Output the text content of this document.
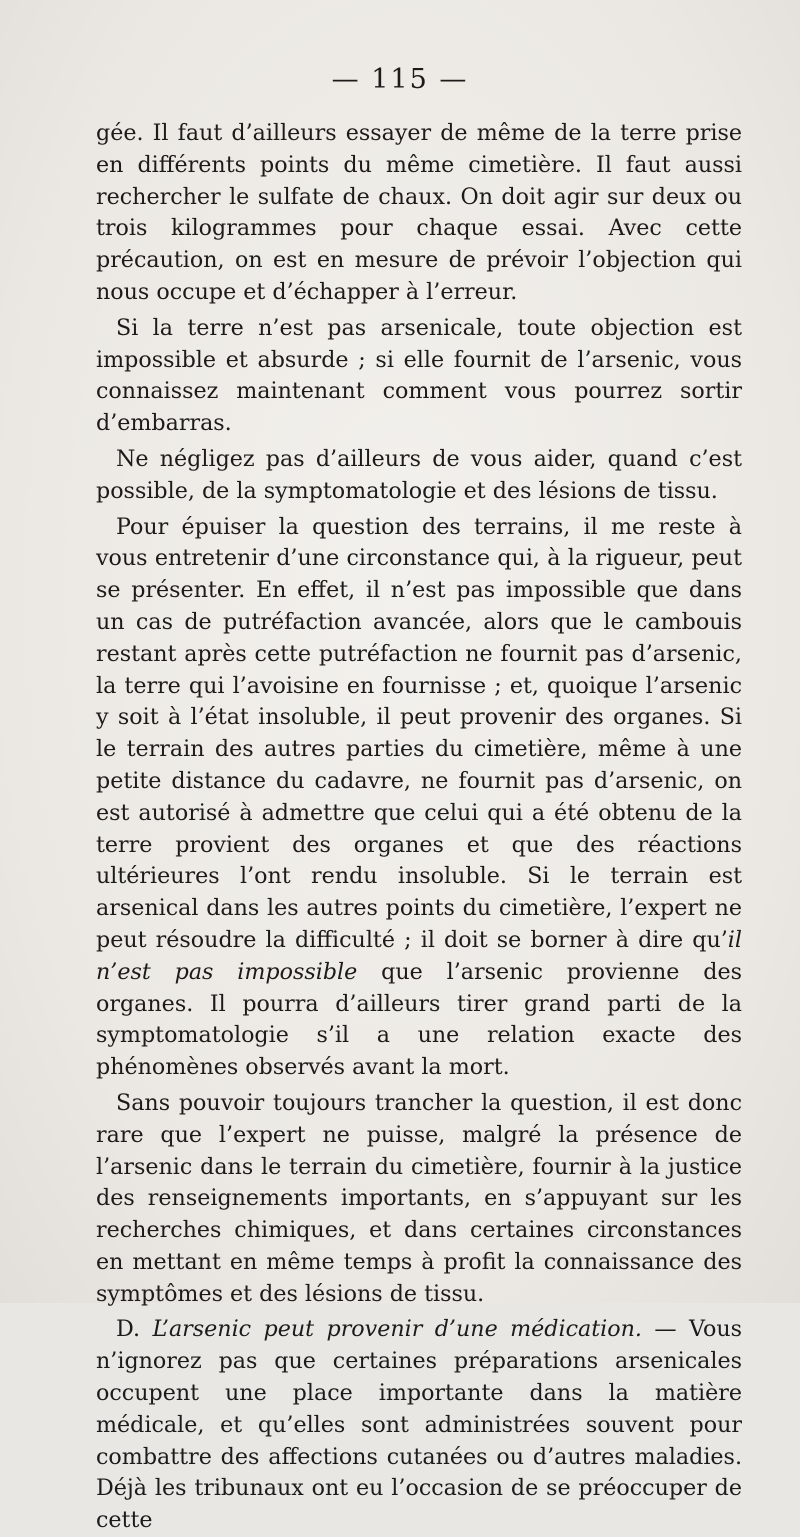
— 115 —

gée. Il faut d’ailleurs essayer de même de la terre prise en différents points du même cimetière. Il faut aussi rechercher le sulfate de chaux. On doit agir sur deux ou trois kilogrammes pour chaque essai. Avec cette précaution, on est en mesure de prévoir l’objection qui nous occupe et d’échapper à l’erreur.

Si la terre n’est pas arsenicale, toute objection est impossible et absurde ; si elle fournit de l’arsenic, vous connaissez maintenant comment vous pourrez sortir d’embarras.

Ne négligez pas d’ailleurs de vous aider, quand c’est possible, de la symptomatologie et des lésions de tissu.

Pour épuiser la question des terrains, il me reste à vous entretenir d’une circonstance qui, à la rigueur, peut se présenter. En effet, il n’est pas impossible que dans un cas de putréfaction avancée, alors que le cambouis restant après cette putréfaction ne fournit pas d’arsenic, la terre qui l’avoisine en fournisse ; et, quoique l’arsenic y soit à l’état insoluble, il peut provenir des organes. Si le terrain des autres parties du cimetière, même à une petite distance du cadavre, ne fournit pas d’arsenic, on est autorisé à admettre que celui qui a été obtenu de la terre provient des organes et que des réactions ultérieures l’ont rendu insoluble. Si le terrain est arsenical dans les autres points du cimetière, l’expert ne peut résoudre la difficulté ; il doit se borner à dire qu’il n’est pas impossible que l’arsenic provienne des organes. Il pourra d’ailleurs tirer grand parti de la symptomatologie s’il a une relation exacte des phénomènes observés avant la mort.

Sans pouvoir toujours trancher la question, il est donc rare que l’expert ne puisse, malgré la présence de l’arsenic dans le terrain du cimetière, fournir à la justice des renseignements importants, en s’appuyant sur les recherches chimiques, et dans certaines circonstances en mettant en même temps à profit la connaissance des symptômes et des lésions de tissu.

D. L’arsenic peut provenir d’une médication. — Vous n’ignorez pas que certaines préparations arsenicales occupent une place importante dans la matière médicale, et qu’elles sont administrées souvent pour combattre des affections cutanées ou d’autres maladies. Déjà les tribunaux ont eu l’occasion de se préoccuper de cette
